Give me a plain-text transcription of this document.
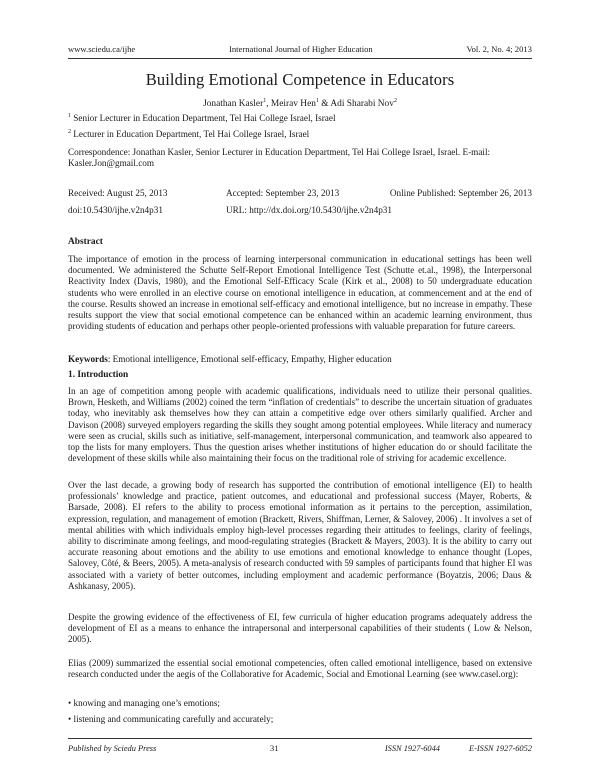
www.sciedu.ca/ijhe	International Journal of Higher Education	Vol. 2, No. 4; 2013
Building Emotional Competence in Educators
Jonathan Kasler$^1$, Meirav Hen$^1$ & Adi Sharabi Nov$^2$
$^1$ Senior Lecturer in Education Department, Tel Hai College Israel, Israel
$^2$ Lecturer in Education Department, Tel Hai College Israel, Israel
Correspondence: Jonathan Kasler, Senior Lecturer in Education Department, Tel Hai College Israel, Israel. E-mail:
Kasler.Jon@gmail.com
Received: August 25, 2013	Accepted: September 23, 2013	Online Published: September 26, 2013
doi:10.5430/ijhe.v2n4p31	URL: http://dx.doi.org/10.5430/ijhe.v2n4p31
Abstract

The importance of emotion in the process of learning interpersonal communication in educational settings has been well documented. We administered the Schutte Self-Report Emotional Intelligence Test (Schutte et.al., 1998), the Interpersonal Reactivity Index (Davis, 1980), and the Emotional Self-Efficacy Scale (Kirk et al., 2008) to 50 undergraduate education students who were enrolled in an elective course on emotional intelligence in education, at commencement and at the end of the course. Results showed an increase in emotional self-efficacy and emotional intelligence, but no increase in empathy. These results support the view that social emotional competence can be enhanced within an academic learning environment, thus providing students of education and perhaps other people-oriented professions with valuable preparation for future careers.

Keywords: Emotional intelligence, Emotional self-efficacy, Empathy, Higher education
1. Introduction

In an age of competition among people with academic qualifications, individuals need to utilize their personal qualities. Brown, Hesketh, and Williams (2002) coined the term “inflation of credentials” to describe the uncertain situation of graduates today, who inevitably ask themselves how they can attain a competitive edge over others similarly qualified. Archer and Davison (2008) surveyed employers regarding the skills they sought among potential employees. While literacy and numeracy were seen as crucial, skills such as initiative, self-management, interpersonal communication, and teamwork also appeared to top the lists for many employers. Thus the question arises whether institutions of higher education do or should facilitate the development of these skills while also maintaining their focus on the traditional role of striving for academic excellence.

Over the last decade, a growing body of research has supported the contribution of emotional intelligence (EI) to health professionals’ knowledge and practice, patient outcomes, and educational and professional success (Mayer, Roberts, & Barsade, 2008). EI refers to the ability to process emotional information as it pertains to the perception, assimilation, expression, regulation, and management of emotion (Brackett, Rivers, Shiffman, Lerner, & Salovey, 2006) . It involves a set of mental abilities with which individuals employ high-level processes regarding their attitudes to feelings, clarity of feelings, ability to discriminate among feelings, and mood-regulating strategies (Brackett & Mayers, 2003). It is the ability to carry out accurate reasoning about emotions and the ability to use emotions and emotional knowledge to enhance thought (Lopes, Salovey, Côté, & Beers, 2005). A meta-analysis of research conducted with 59 samples of participants found that higher EI was associated with a variety of better outcomes, including employment and academic performance (Boyatzis, 2006; Daus & Ashkanasy, 2005).

Despite the growing evidence of the effectiveness of EI, few curricula of higher education programs adequately address the development of EI as a means to enhance the intrapersonal and interpersonal capabilities of their students ( Low & Nelson, 2005).

Elias (2009) summarized the essential social emotional competencies, often called emotional intelligence, based on extensive research conducted under the aegis of the Collaborative for Academic, Social and Emotional Learning (see www.casel.org):

• knowing and managing one’s emotions;
• listening and communicating carefully and accurately;
Published by Sciedu Press	31	ISSN 1927-6044	E-ISSN 1927-6052
